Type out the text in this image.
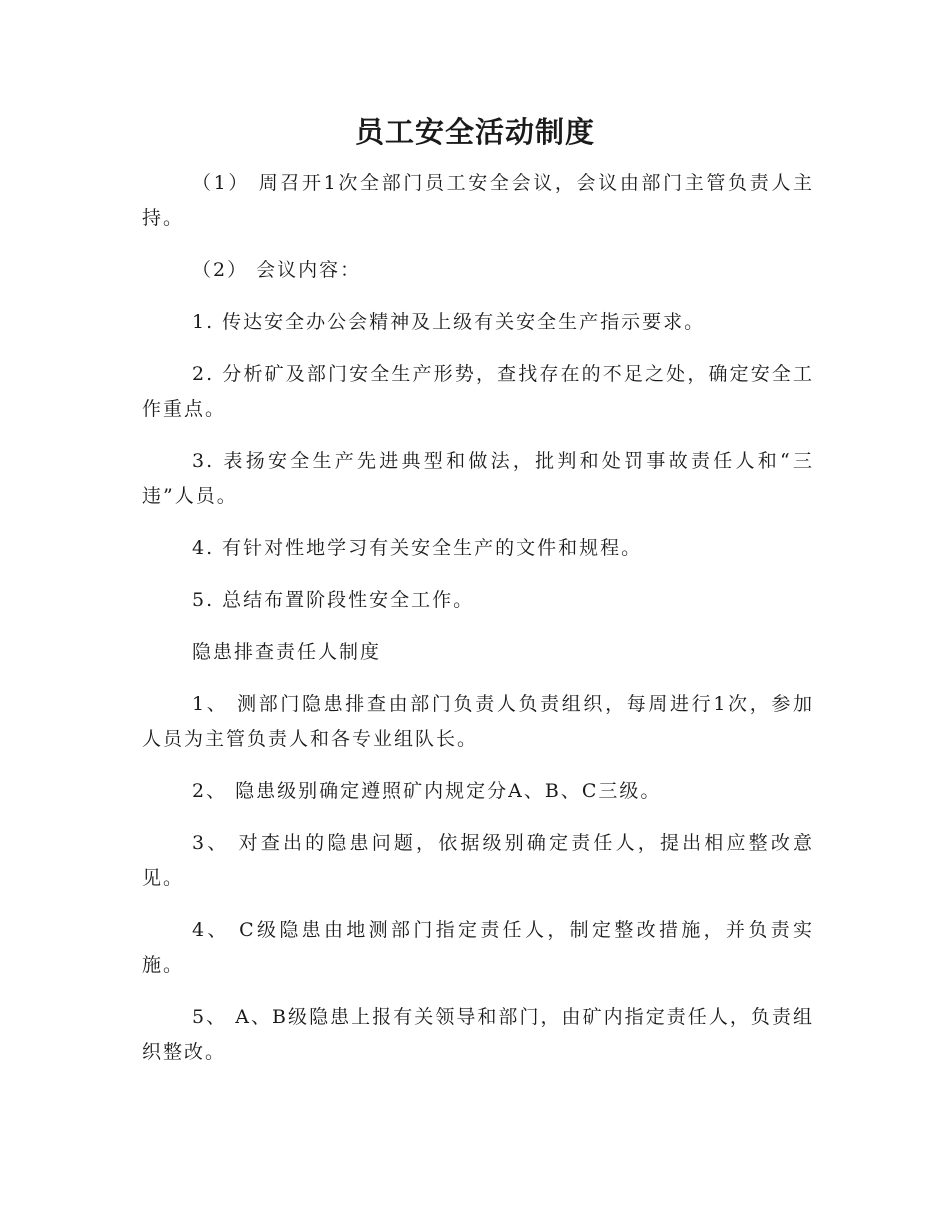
员工安全活动制度

（1） 周召开1次全部门员工安全会议，会议由部门主管负责人主持。

（2） 会议内容：

1. 传达安全办公会精神及上级有关安全生产指示要求。

2. 分析矿及部门安全生产形势，查找存在的不足之处，确定安全工作重点。

3. 表扬安全生产先进典型和做法，批判和处罚事故责任人和“三违”人员。

4. 有针对性地学习有关安全生产的文件和规程。

5. 总结布置阶段性安全工作。

隐患排查责任人制度

1、 测部门隐患排查由部门负责人负责组织，每周进行1次，参加人员为主管负责人和各专业组队长。

2、 隐患级别确定遵照矿内规定分A、B、C三级。

3、 对查出的隐患问题，依据级别确定责任人，提出相应整改意见。

4、 C级隐患由地测部门指定责任人，制定整改措施，并负责实施。

5、 A、B级隐患上报有关领导和部门，由矿内指定责任人，负责组织整改。
